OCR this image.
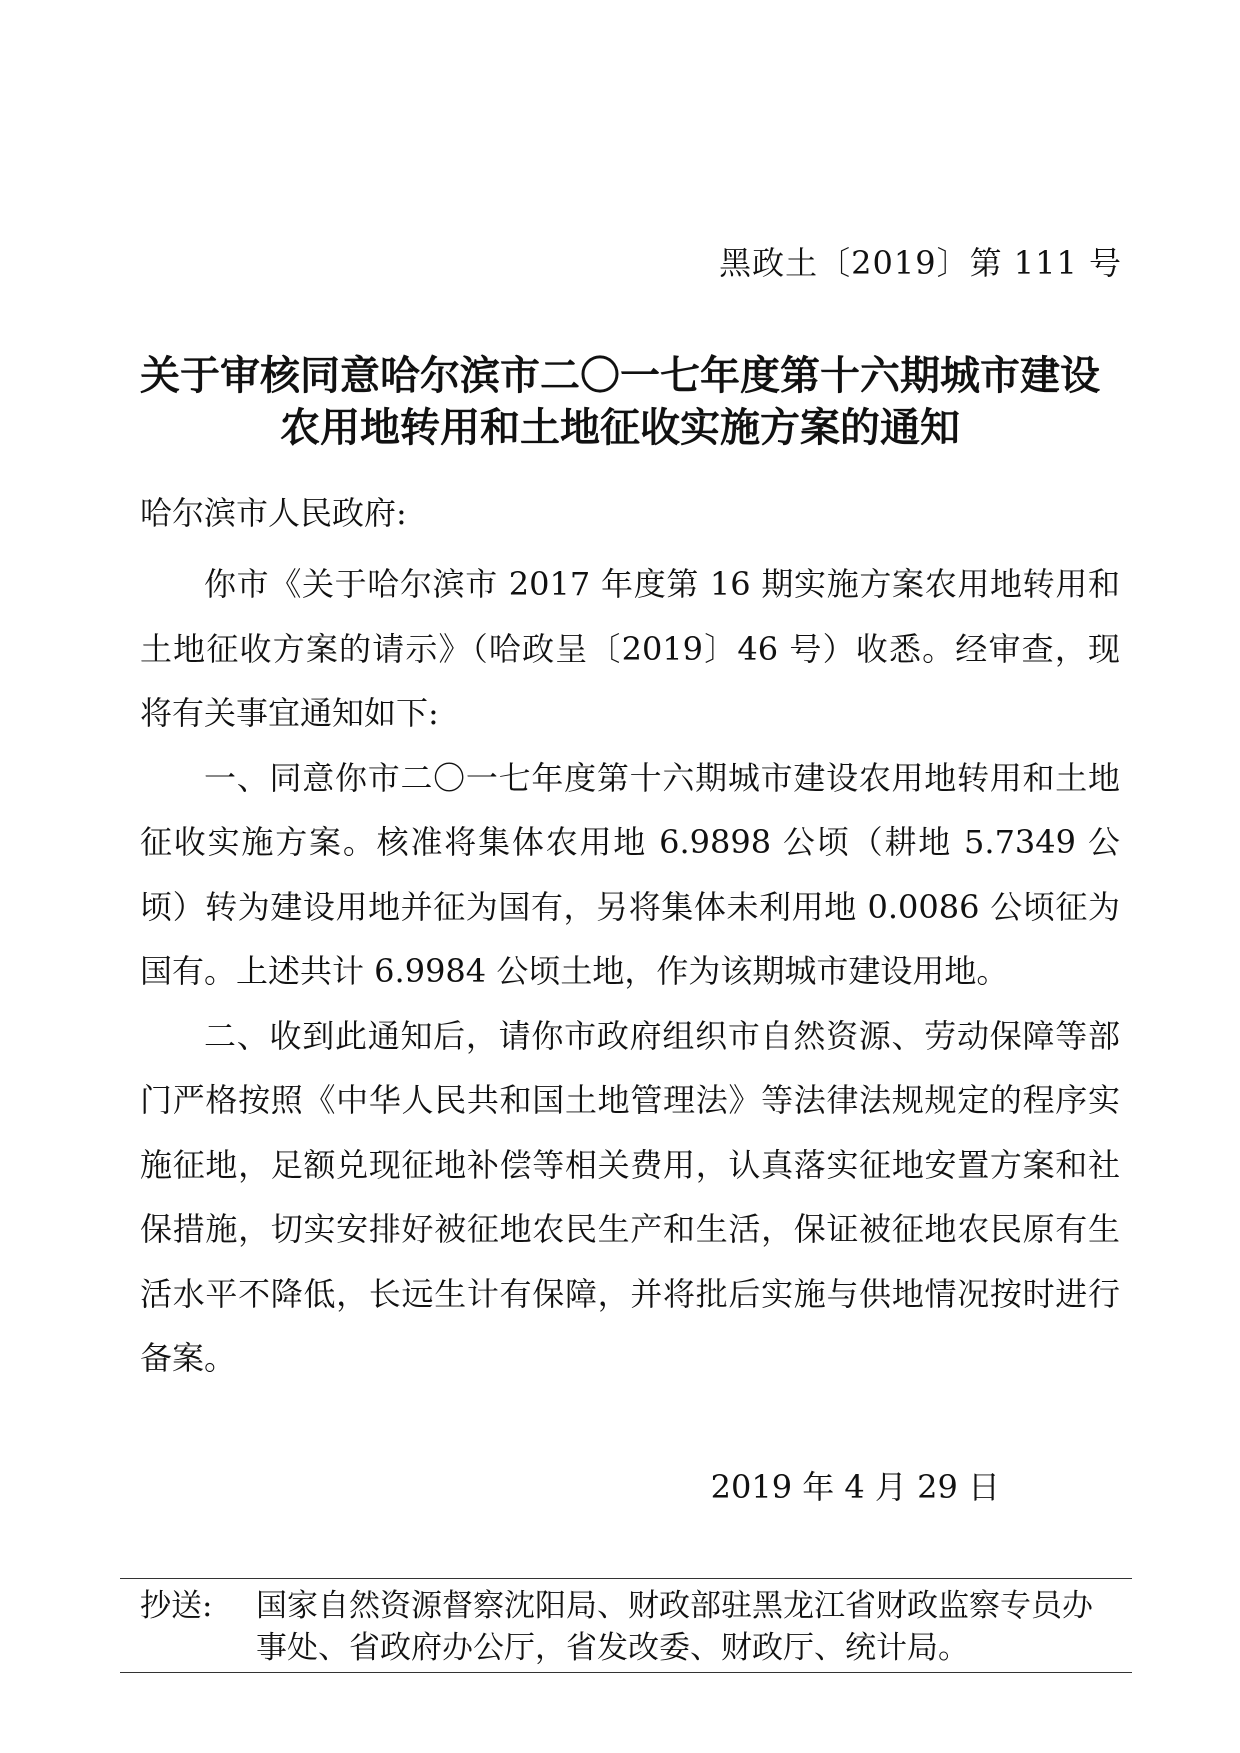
黑政土〔2019〕第 111 号
关于审核同意哈尔滨市二〇一七年度第十六期城市建设
农用地转用和土地征收实施方案的通知
哈尔滨市人民政府:

你市《关于哈尔滨市 2017 年度第 16 期实施方案农用地转用和土地征收方案的请示》（哈政呈〔2019〕46 号）收悉。经审查，现将有关事宜通知如下:

一、同意你市二〇一七年度第十六期城市建设农用地转用和土地征收实施方案。核准将集体农用地 6.9898 公顷（耕地 5.7349 公顷）转为建设用地并征为国有，另将集体未利用地 0.0086 公顷征为国有。上述共计 6.9984 公顷土地，作为该期城市建设用地。

二、收到此通知后，请你市政府组织市自然资源、劳动保障等部门严格按照《中华人民共和国土地管理法》等法律法规规定的程序实施征地，足额兑现征地补偿等相关费用，认真落实征地安置方案和社保措施，切实安排好被征地农民生产和生活，保证被征地农民原有生活水平不降低，长远生计有保障，并将批后实施与供地情况按时进行备案。

2019 年 4 月 29 日
抄送: 国家自然资源督察沈阳局、财政部驻黑龙江省财政监察专员办事处、省政府办公厅，省发改委、财政厅、统计局。
